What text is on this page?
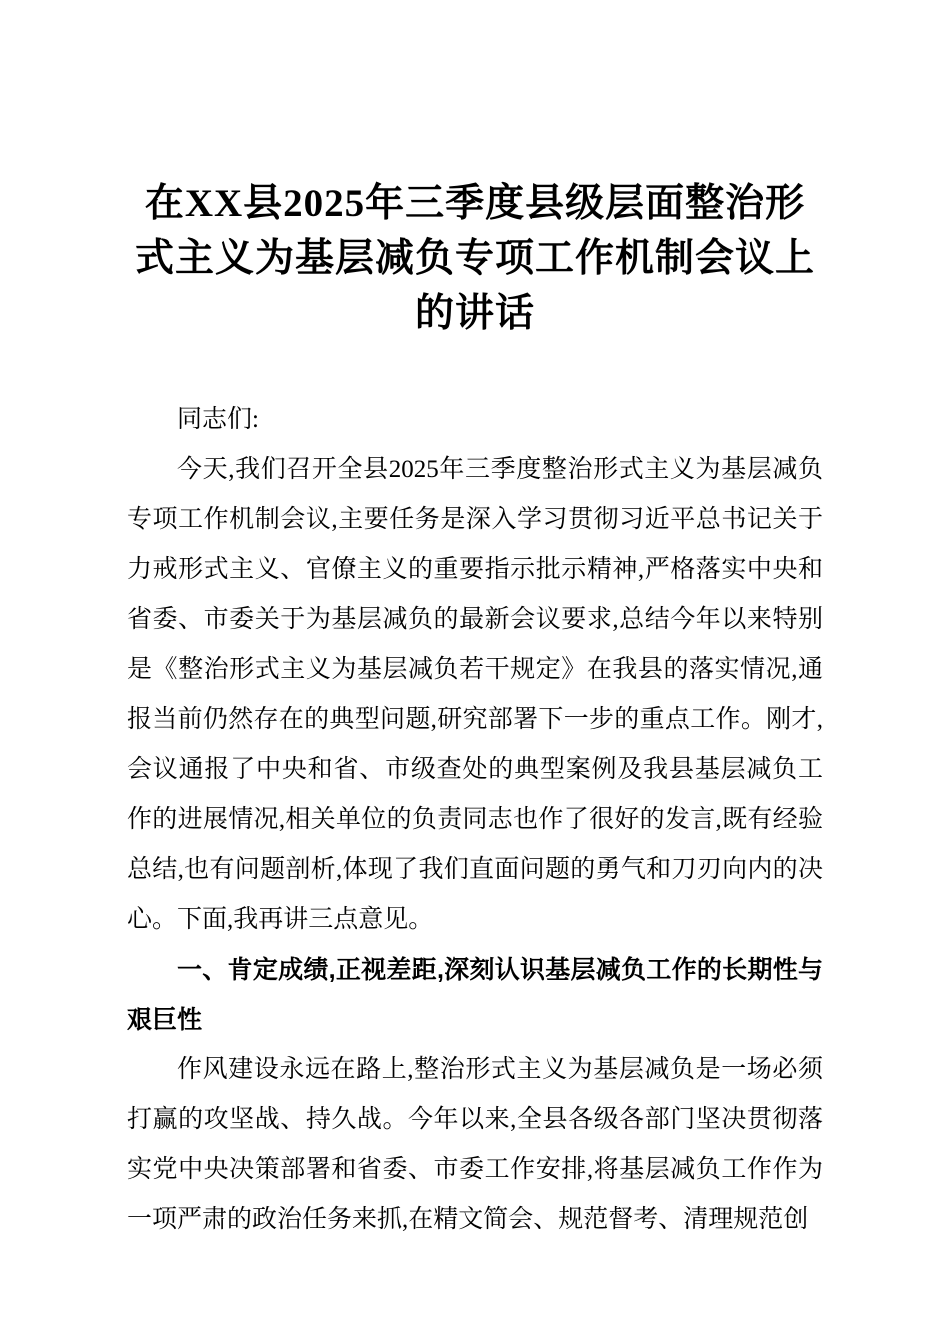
在XX县2025年三季度县级层面整治形式主义为基层减负专项工作机制会议上的讲话

同志们:

今天,我们召开全县2025年三季度整治形式主义为基层减负专项工作机制会议,主要任务是深入学习贯彻习近平总书记关于力戒形式主义、官僚主义的重要指示批示精神,严格落实中央和省委、市委关于为基层减负的最新会议要求,总结今年以来特别是《整治形式主义为基层减负若干规定》在我县的落实情况,通报当前仍然存在的典型问题,研究部署下一步的重点工作。刚才,会议通报了中央和省、市级查处的典型案例及我县基层减负工作的进展情况,相关单位的负责同志也作了很好的发言,既有经验总结,也有问题剖析,体现了我们直面问题的勇气和刀刃向内的决心。下面,我再讲三点意见。

一、肯定成绩,正视差距,深刻认识基层减负工作的长期性与艰巨性

作风建设永远在路上,整治形式主义为基层减负是一场必须打赢的攻坚战、持久战。今年以来,全县各级各部门坚决贯彻落实党中央决策部署和省委、市委工作安排,将基层减负工作作为一项严肃的政治任务来抓,在精文简会、规范督考、清理规范创
